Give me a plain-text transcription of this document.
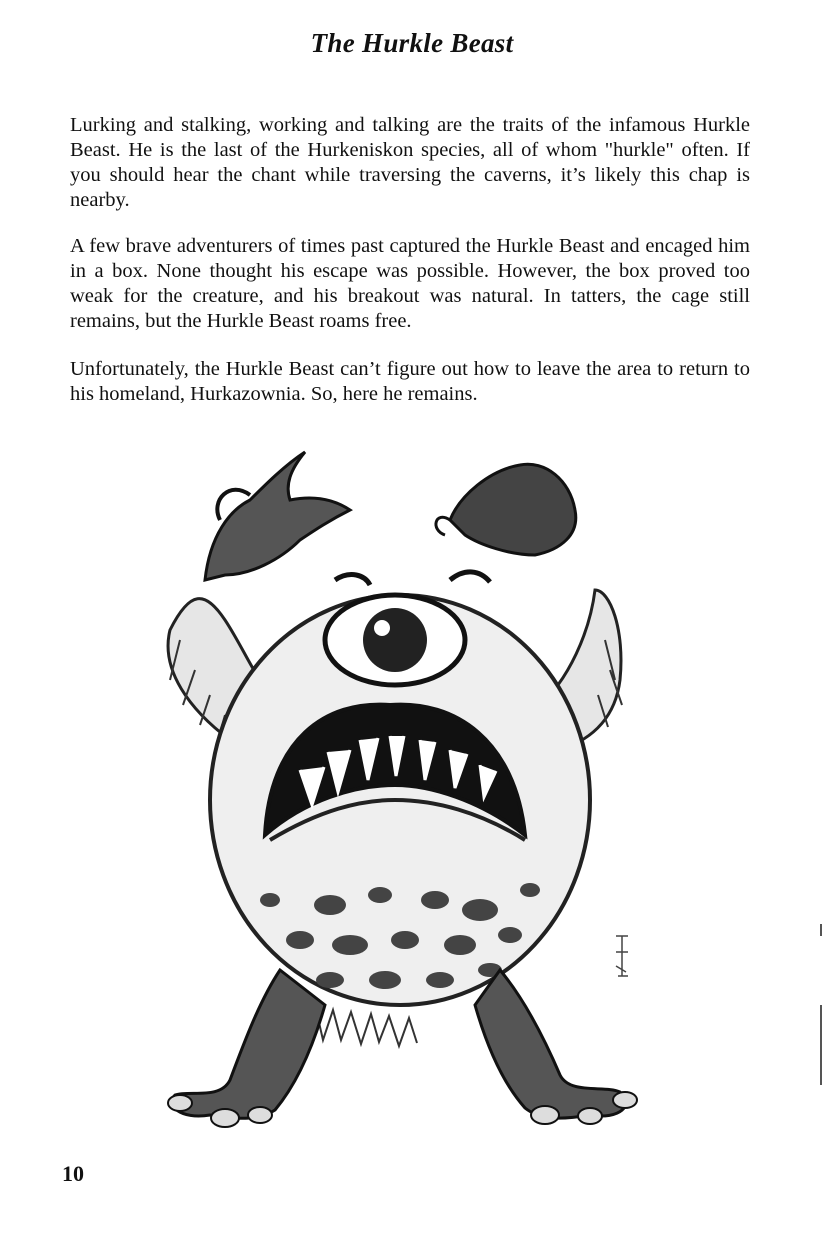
The Hurkle Beast

Lurking and stalking, working and talking are the traits of the infamous Hurkle Beast. He is the last of the Hurkeniskon species, all of whom "hurkle" often. If you should hear the chant while traversing the caverns, it’s likely this chap is nearby.

A few brave adventurers of times past captured the Hurkle Beast and encaged him in a box. None thought his escape was possible. However, the box proved too weak for the creature, and his breakout was natural. In tatters, the cage still remains, but the Hurkle Beast roams free.

Unfortunately, the Hurkle Beast can’t figure out how to leave the area to return to his homeland, Hurkazownia. So, here he remains.

10
